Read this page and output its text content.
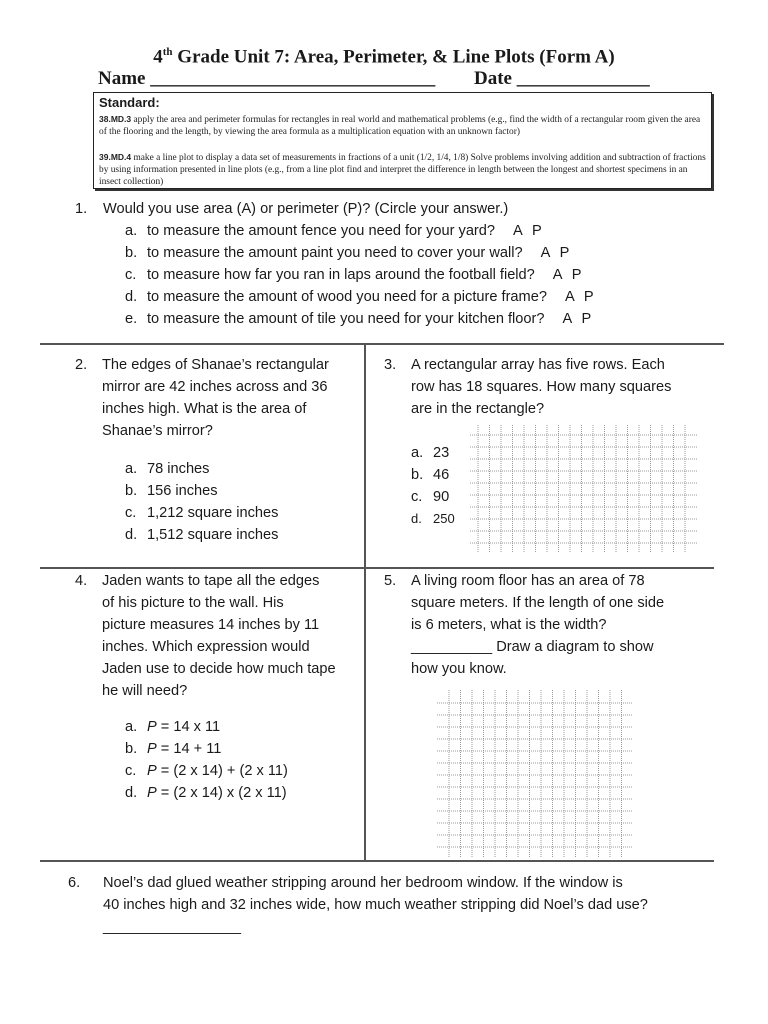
4th Grade Unit 7: Area, Perimeter, & Line Plots (Form A)
Name ______________________________ Date ______________
Standard:
38.MD.3 apply the area and perimeter formulas for rectangles in real world and mathematical problems (e.g., find the width of a rectangular room given the area of the flooring and the length, by viewing the area formula as a multiplication equation with an unknown factor)
39.MD.4 make a line plot to display a data set of measurements in fractions of a unit (1/2, 1/4, 1/8) Solve problems involving addition and subtraction of fractions by using information presented in line plots (e.g., from a line plot find and interpret the difference in length between the longest and shortest specimens in an insect collection)
1. Would you use area (A) or perimeter (P)? (Circle your answer.)
a. to measure the amount fence you need for your yard? A P
b. to measure the amount paint you need to cover your wall? A P
c. to measure how far you ran in laps around the football field? A P
d. to measure the amount of wood you need for a picture frame? A P
e. to measure the amount of tile you need for your kitchen floor? A P
2. The edges of Shanae’s rectangular
mirror are 42 inches across and 36
inches high. What is the area of
Shanae’s mirror?
a. 78 inches
b. 156 inches
c. 1,212 square inches
d. 1,512 square inches
3. A rectangular array has five rows. Each
row has 18 squares. How many squares
are in the rectangle?
a. 23
b. 46
c. 90
d. 250
4. Jaden wants to tape all the edges
of his picture to the wall. His
picture measures 14 inches by 11
inches. Which expression would
Jaden use to decide how much tape
he will need?
a. P = 14 x 11
b. P = 14 + 11
c. P = (2 x 14) + (2 x 11)
d. P = (2 x 14) x (2 x 11)
5. A living room floor has an area of 78
square meters. If the length of one side
is 6 meters, what is the width?
__________ Draw a diagram to show
how you know.
6. Noel’s dad glued weather stripping around her bedroom window. If the window is
40 inches high and 32 inches wide, how much weather stripping did Noel’s dad use?
_________________
